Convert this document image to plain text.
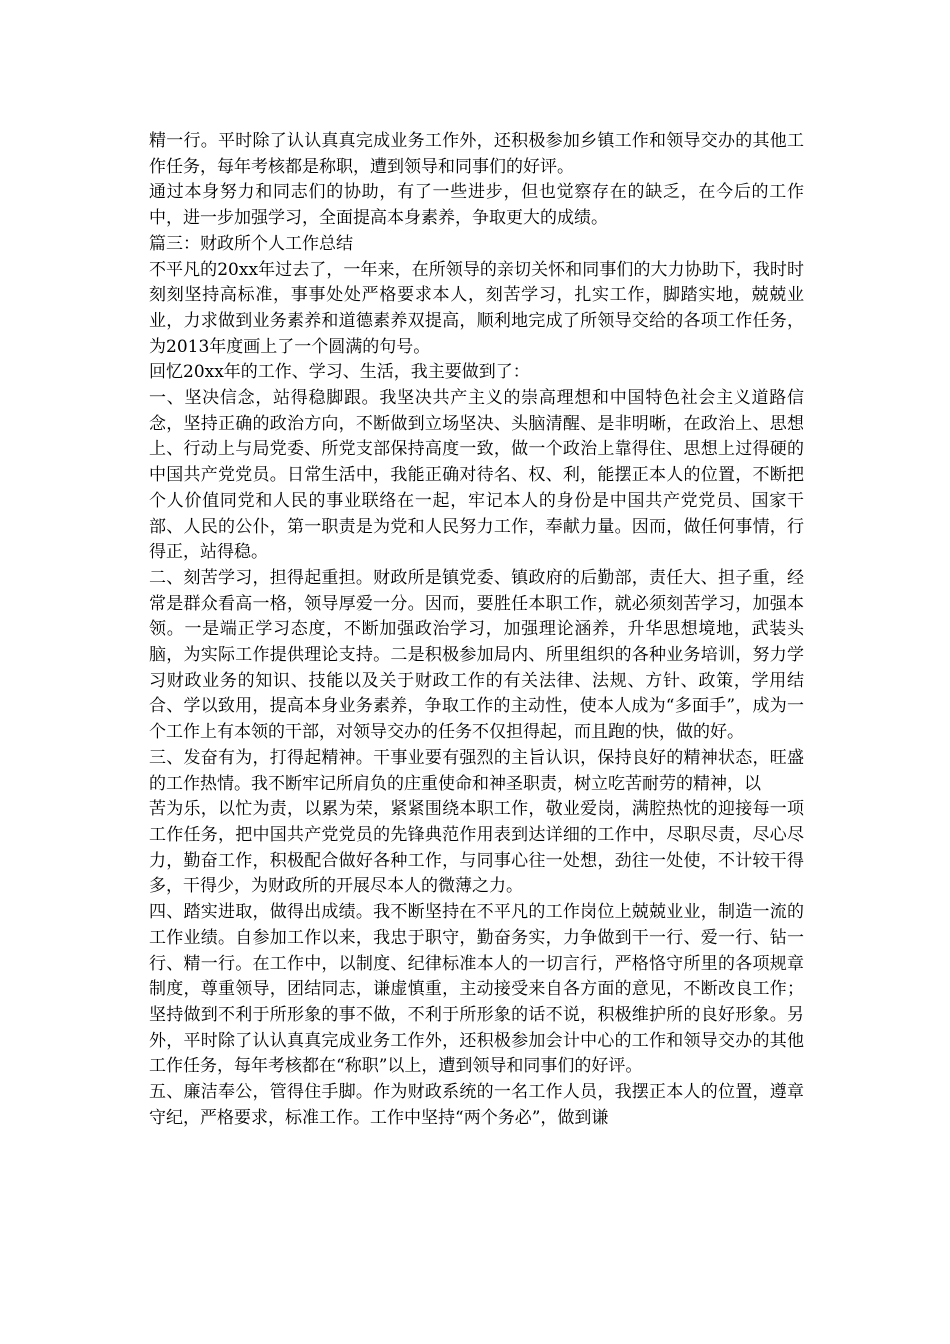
精一行。平时除了认认真真完成业务工作外，还积极参加乡镇工作和领导交办的其他工作任务，每年考核都是称职，遭到领导和同事们的好评。

通过本身努力和同志们的协助，有了一些进步，但也觉察存在的缺乏，在今后的工作中，进一步加强学习，全面提高本身素养，争取更大的成绩。

篇三：财政所个人工作总结

不平凡的20xx年过去了，一年来，在所领导的亲切关怀和同事们的大力协助下，我时时刻刻坚持高标准，事事处处严格要求本人，刻苦学习，扎实工作，脚踏实地，兢兢业业，力求做到业务素养和道德素养双提高，顺利地完成了所领导交给的各项工作任务，为2013年度画上了一个圆满的句号。

回忆20xx年的工作、学习、生活，我主要做到了：

一、坚决信念，站得稳脚跟。我坚决共产主义的崇高理想和中国特色社会主义道路信念，坚持正确的政治方向，不断做到立场坚决、头脑清醒、是非明晰，在政治上、思想上、行动上与局党委、所党支部保持高度一致，做一个政治上靠得住、思想上过得硬的中国共产党党员。日常生活中，我能正确对待名、权、利，能摆正本人的位置，不断把个人价值同党和人民的事业联络在一起，牢记本人的身份是中国共产党党员、国家干部、人民的公仆，第一职责是为党和人民努力工作，奉献力量。因而，做任何事情，行得正，站得稳。

二、刻苦学习，担得起重担。财政所是镇党委、镇政府的后勤部，责任大、担子重，经常是群众看高一格，领导厚爱一分。因而，要胜任本职工作，就必须刻苦学习，加强本领。一是端正学习态度，不断加强政治学习，加强理论涵养，升华思想境地，武装头脑，为实际工作提供理论支持。二是积极参加局内、所里组织的各种业务培训，努力学习财政业务的知识、技能以及关于财政工作的有关法律、法规、方针、政策，学用结合、学以致用，提高本身业务素养，争取工作的主动性，使本人成为“多面手”，成为一个工作上有本领的干部，对领导交办的任务不仅担得起，而且跑的快，做的好。

三、发奋有为，打得起精神。干事业要有强烈的主旨认识，保持良好的精神状态，旺盛的工作热情。我不断牢记所肩负的庄重使命和神圣职责，树立吃苦耐劳的精神，以

苦为乐，以忙为责，以累为荣，紧紧围绕本职工作，敬业爱岗，满腔热忱的迎接每一项工作任务，把中国共产党党员的先锋典范作用表到达详细的工作中，尽职尽责，尽心尽力，勤奋工作，积极配合做好各种工作，与同事心往一处想，劲往一处使，不计较干得多，干得少，为财政所的开展尽本人的微薄之力。

四、踏实进取，做得出成绩。我不断坚持在不平凡的工作岗位上兢兢业业，制造一流的工作业绩。自参加工作以来，我忠于职守，勤奋务实，力争做到干一行、爱一行、钻一行、精一行。在工作中，以制度、纪律标准本人的一切言行，严格恪守所里的各项规章制度，尊重领导，团结同志，谦虚慎重，主动接受来自各方面的意见，不断改良工作；坚持做到不利于所形象的事不做，不利于所形象的话不说，积极维护所的良好形象。另外，平时除了认认真真完成业务工作外，还积极参加会计中心的工作和领导交办的其他工作任务，每年考核都在“称职”以上，遭到领导和同事们的好评。

五、廉洁奉公，管得住手脚。作为财政系统的一名工作人员，我摆正本人的位置，遵章守纪，严格要求，标准工作。工作中坚持“两个务必”，做到谦
